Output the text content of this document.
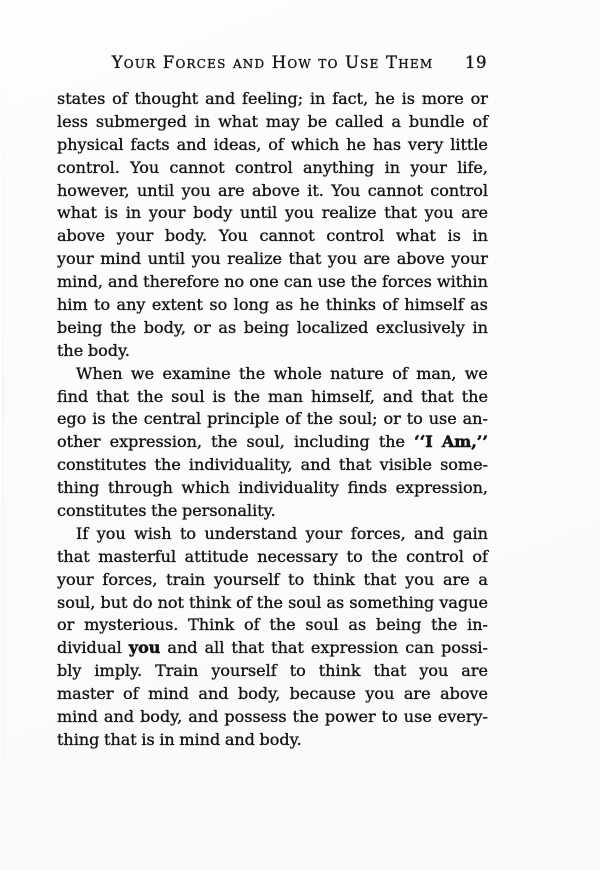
Your Forces and How to Use Them	19
states of thought and feeling; in fact, he is more or
less submerged in what may be called a bundle of
physical facts and ideas, of which he has very little
control. You cannot control anything in your life,
however, until you are above it. You cannot control
what is in your body until you realize that you are
above your body. You cannot control what is in
your mind until you realize that you are above your
mind, and therefore no one can use the forces within
him to any extent so long as he thinks of himself as
being the body, or as being localized exclusively in
the body.
When we examine the whole nature of man, we
find that the soul is the man himself, and that the
ego is the central principle of the soul; or to use an-
other expression, the soul, including the ‘‘I Am,’’
constitutes the individuality, and that visible some-
thing through which individuality finds expression,
constitutes the personality.
If you wish to understand your forces, and gain
that masterful attitude necessary to the control of
your forces, train yourself to think that you are a
soul, but do not think of the soul as something vague
or mysterious. Think of the soul as being the in-
dividual you and all that that expression can possi-
bly imply. Train yourself to think that you are
master of mind and body, because you are above
mind and body, and possess the power to use every-
thing that is in mind and body.
